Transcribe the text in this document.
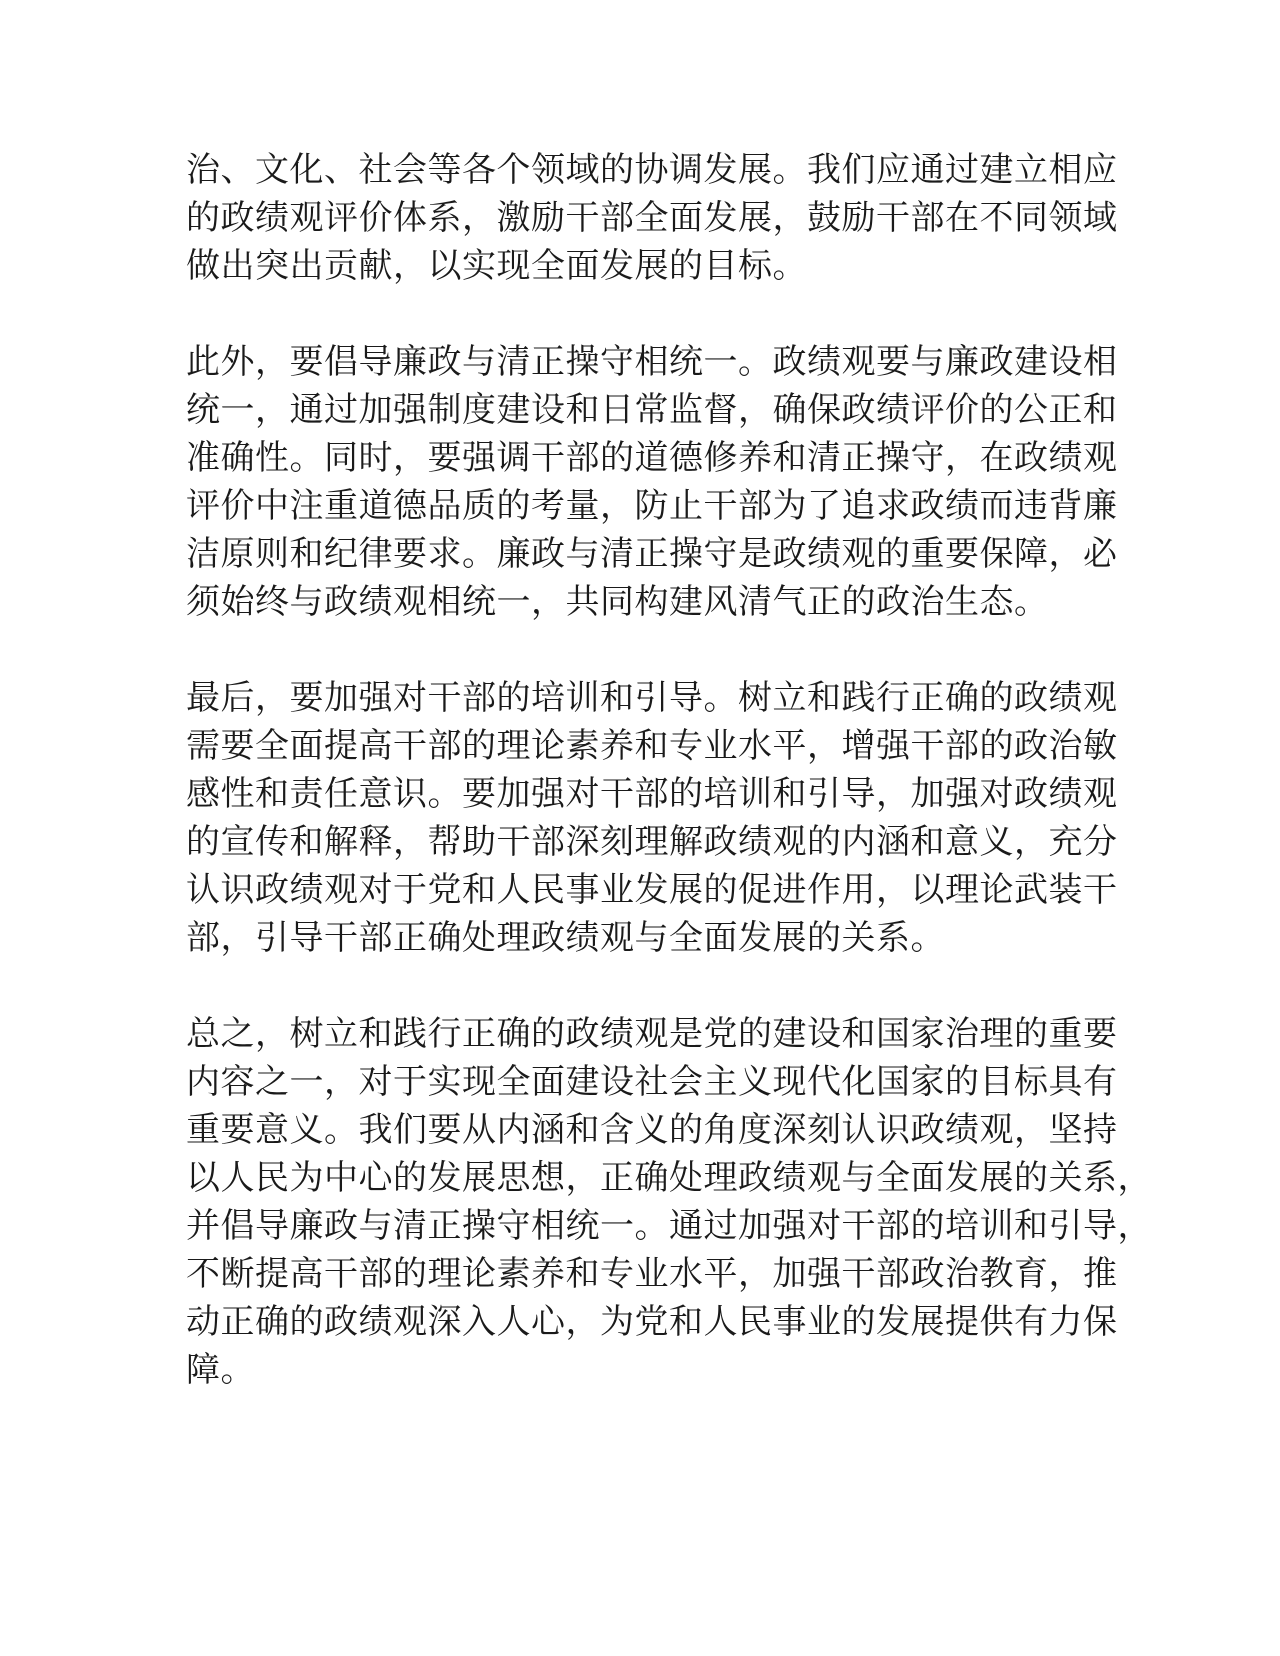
治、文化、社会等各个领域的协调发展。我们应通过建立相应
的政绩观评价体系，激励干部全面发展，鼓励干部在不同领域
做出突出贡献，以实现全面发展的目标。
此外，要倡导廉政与清正操守相统一。政绩观要与廉政建设相
统一，通过加强制度建设和日常监督，确保政绩评价的公正和
准确性。同时，要强调干部的道德修养和清正操守，在政绩观
评价中注重道德品质的考量，防止干部为了追求政绩而违背廉
洁原则和纪律要求。廉政与清正操守是政绩观的重要保障，必
须始终与政绩观相统一，共同构建风清气正的政治生态。
最后，要加强对干部的培训和引导。树立和践行正确的政绩观
需要全面提高干部的理论素养和专业水平，增强干部的政治敏
感性和责任意识。要加强对干部的培训和引导，加强对政绩观
的宣传和解释，帮助干部深刻理解政绩观的内涵和意义，充分
认识政绩观对于党和人民事业发展的促进作用，以理论武装干
部，引导干部正确处理政绩观与全面发展的关系。
总之，树立和践行正确的政绩观是党的建设和国家治理的重要
内容之一，对于实现全面建设社会主义现代化国家的目标具有
重要意义。我们要从内涵和含义的角度深刻认识政绩观，坚持
以人民为中心的发展思想，正确处理政绩观与全面发展的关系，
并倡导廉政与清正操守相统一。通过加强对干部的培训和引导，
不断提高干部的理论素养和专业水平，加强干部政治教育，推
动正确的政绩观深入人心，为党和人民事业的发展提供有力保
障。
